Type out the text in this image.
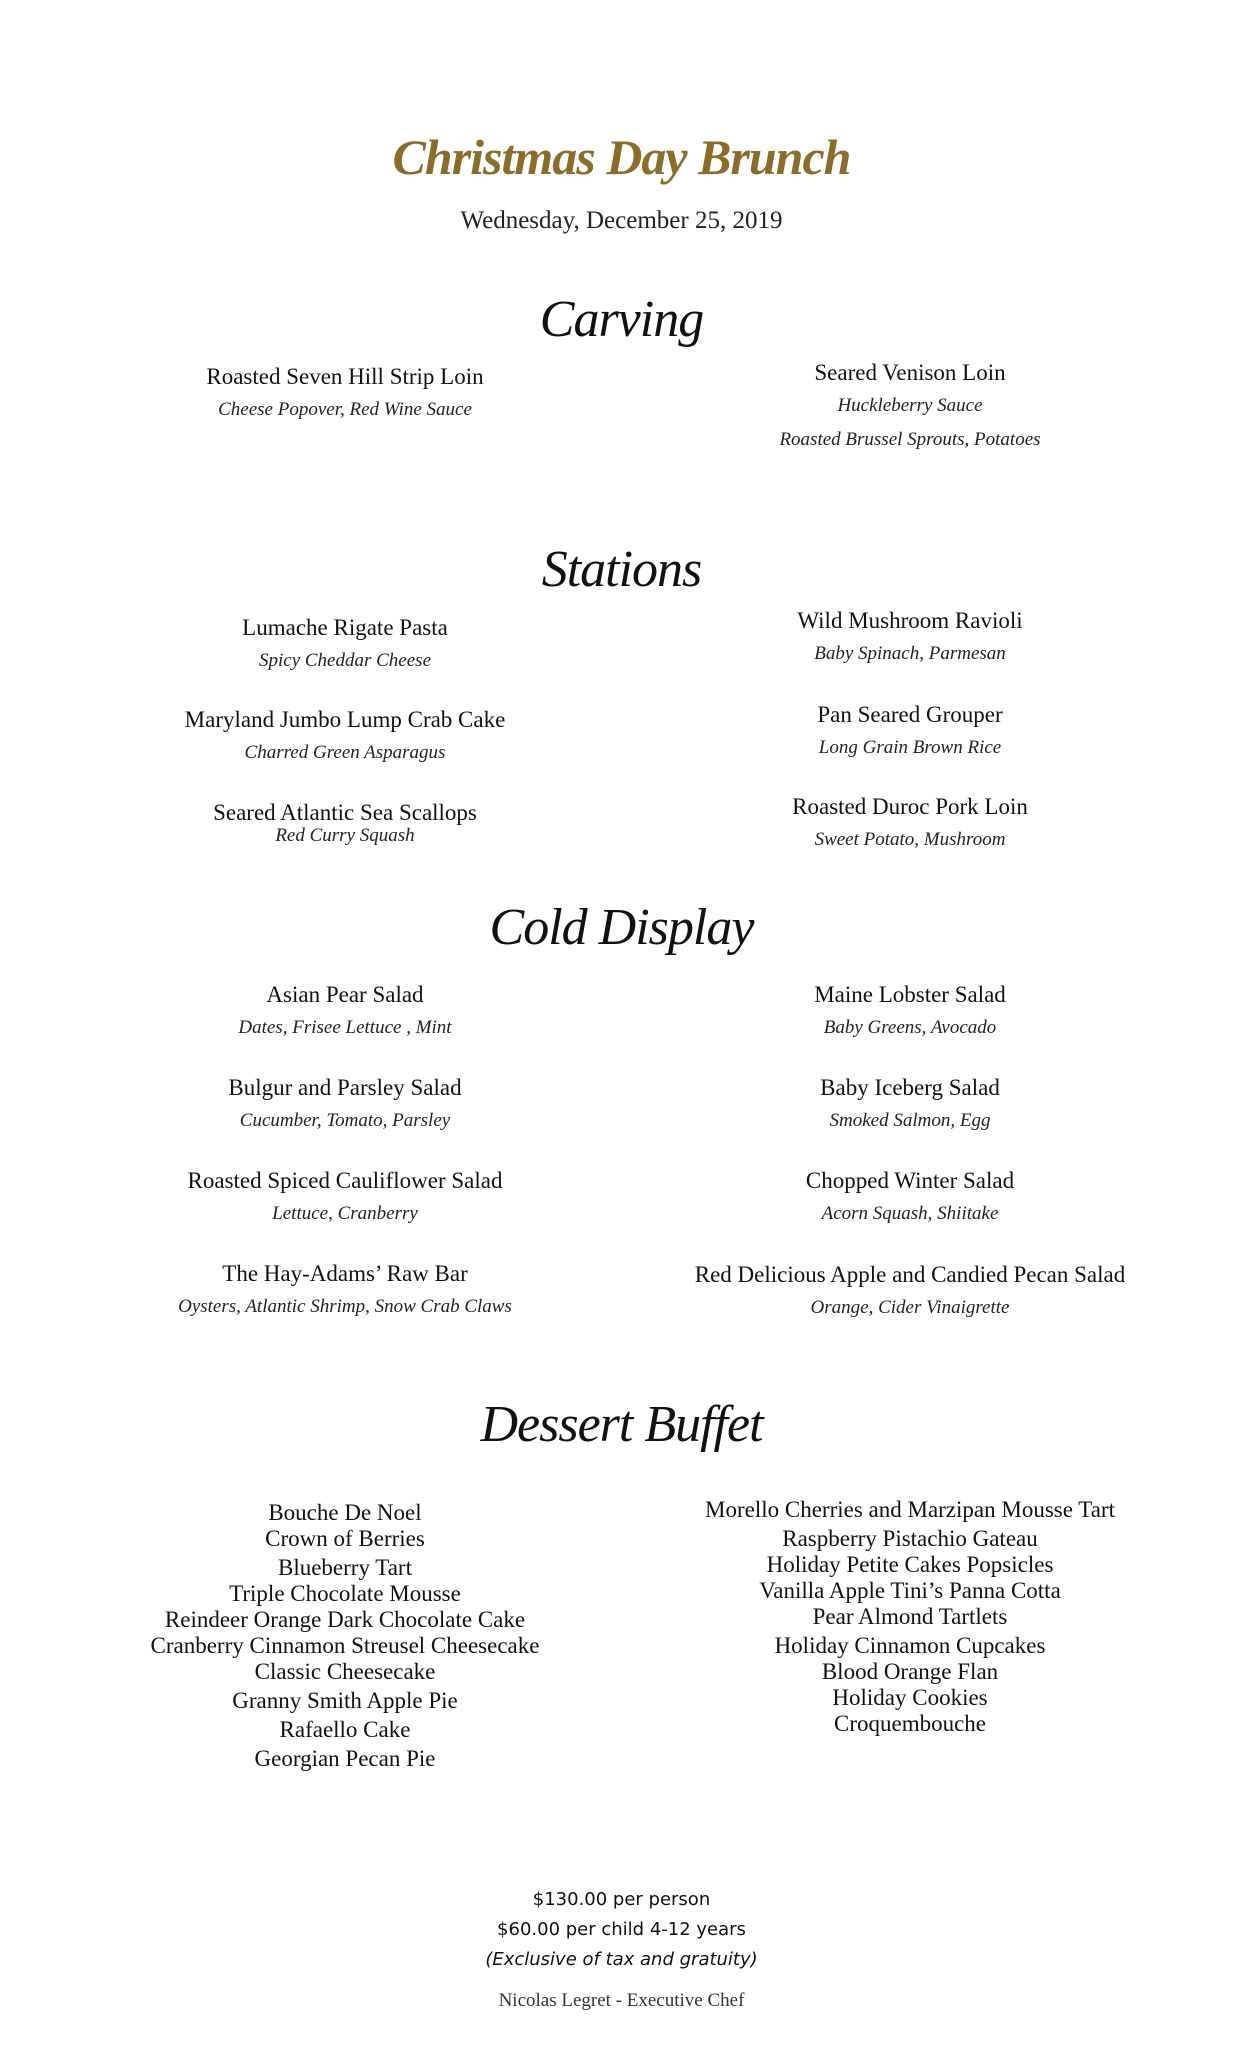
Christmas Day Brunch
Wednesday, December 25, 2019
Carving
Roasted Seven Hill Strip Loin
Cheese Popover, Red Wine Sauce
Seared Venison Loin
Huckleberry Sauce
Roasted Brussel Sprouts, Potatoes
Stations
Lumache Rigate Pasta
Spicy Cheddar Cheese
Maryland Jumbo Lump Crab Cake
Charred Green Asparagus
Seared Atlantic Sea Scallops
Red Curry Squash
Wild Mushroom Ravioli
Baby Spinach, Parmesan
Pan Seared Grouper
Long Grain Brown Rice
Roasted Duroc Pork Loin
Sweet Potato, Mushroom
Cold Display
Asian Pear Salad
Dates, Frisee Lettuce , Mint
Bulgur and Parsley Salad
Cucumber, Tomato, Parsley
Roasted Spiced Cauliflower Salad
Lettuce, Cranberry
The Hay-Adams’ Raw Bar
Oysters, Atlantic Shrimp, Snow Crab Claws
Maine Lobster Salad
Baby Greens, Avocado
Baby Iceberg Salad
Smoked Salmon, Egg
Chopped Winter Salad
Acorn Squash, Shiitake
Red Delicious Apple and Candied Pecan Salad
Orange, Cider Vinaigrette
Dessert Buffet
Bouche De Noel
Crown of Berries
Blueberry Tart
Triple Chocolate Mousse
Reindeer Orange Dark Chocolate Cake
Cranberry Cinnamon Streusel Cheesecake
Classic Cheesecake
Granny Smith Apple Pie
Rafaello Cake
Georgian Pecan Pie
Morello Cherries and Marzipan Mousse Tart
Raspberry Pistachio Gateau
Holiday Petite Cakes Popsicles
Vanilla Apple Tini’s Panna Cotta
Pear Almond Tartlets
Holiday Cinnamon Cupcakes
Blood Orange Flan
Holiday Cookies
Croquembouche
$130.00 per person
$60.00 per child 4-12 years
(Exclusive of tax and gratuity)
Nicolas Legret - Executive Chef
